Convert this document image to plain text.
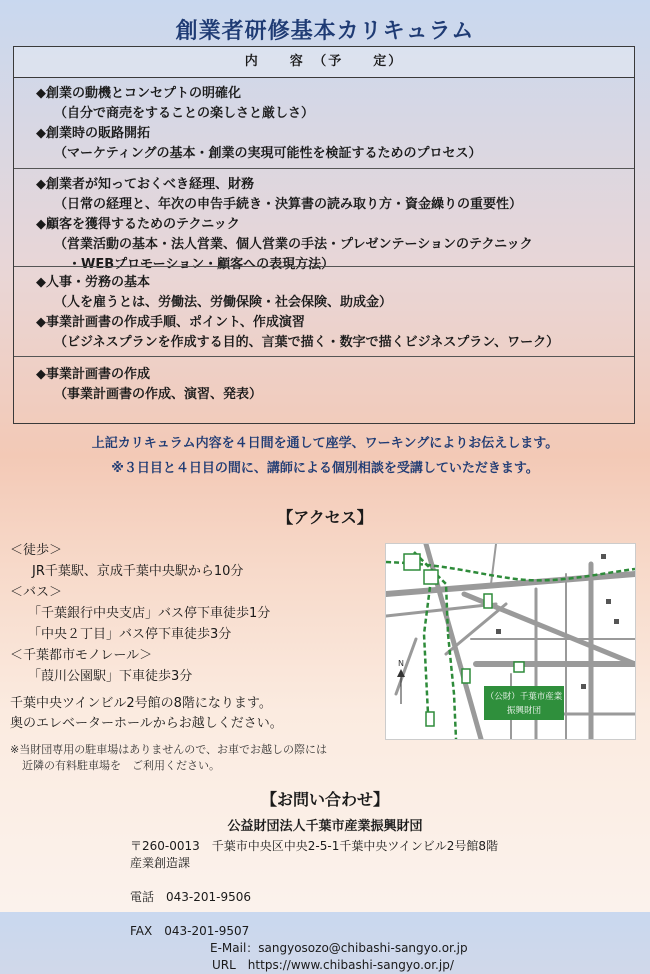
創業者研修基本カリキュラム
内　　容　（予　　定）
◆創業の動機とコンセプトの明確化
（自分で商売をすることの楽しさと厳しさ）
◆創業時の販路開拓
（マーケティングの基本・創業の実現可能性を検証するためのプロセス）
◆創業者が知っておくべき経理、財務
（日常の経理と、年次の申告手続き・決算書の読み取り方・資金繰りの重要性）
◆顧客を獲得するためのテクニック
（営業活動の基本・法人営業、個人営業の手法・プレゼンテーションのテクニック
・WEBプロモーション・顧客への表現方法）
◆人事・労務の基本
（人を雇うとは、労働法、労働保険・社会保険、助成金）
◆事業計画書の作成手順、ポイント、作成演習
（ビジネスプランを作成する目的、言葉で描く・数字で描くビジネスプラン、ワーク）
◆事業計画書の作成
（事業計画書の作成、演習、発表）
上記カリキュラム内容を４日間を通して座学、ワーキングによりお伝えします。
※３日目と４日目の間に、講師による個別相談を受講していただきます。
【アクセス】
＜徒歩＞
JR千葉駅、京成千葉中央駅から10分
＜バス＞
「千葉銀行中央支店」バス停下車徒歩1分
「中央２丁目」バス停下車徒歩3分
＜千葉都市モノレール＞
「葭川公園駅」下車徒歩3分
千葉中央ツインビル2号館の8階になります。
奥のエレベーターホールからお越しください。
※当財団専用の駐車場はありませんので、お車でお越しの際には
近隣の有料駐車場を　ご利用ください。
（公財）千葉市産業
振興財団
N
【お問い合わせ】
公益財団法人千葉市産業振興財団
〒260-0013　千葉市中央区中央2-5-1千葉中央ツインビル2号館8階
産業創造課
電話　043-201-9506
FAX　043-201-9507
E-Mail：sangyosozo@chibashi-sangyo.or.jp
URL　https://www.chibashi-sangyo.or.jp/
